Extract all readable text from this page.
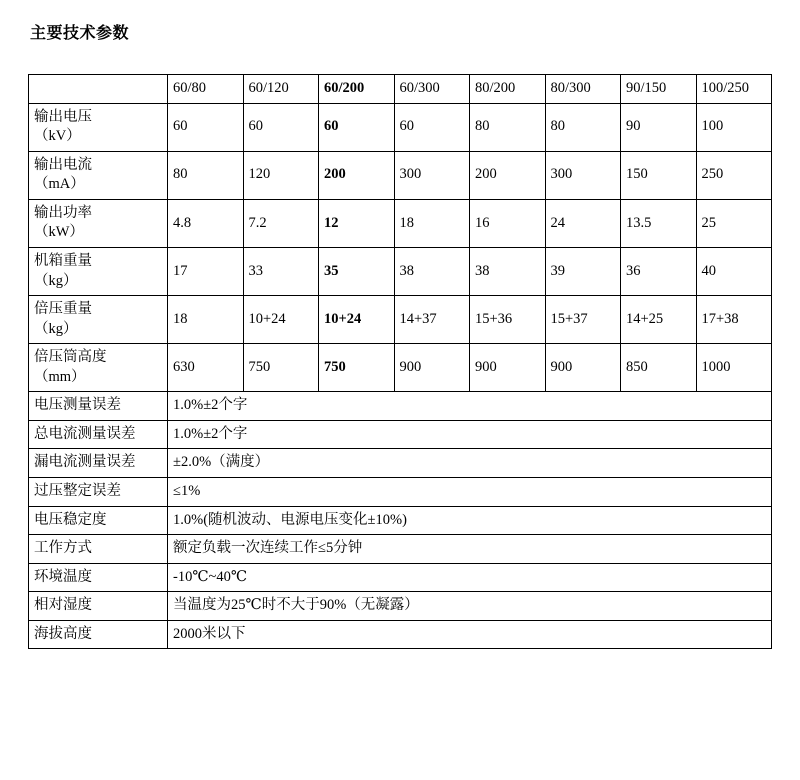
主要技术参数
	60/80	60/120	60/200	60/300	80/200	80/300	90/150	100/250

输出电压
（kV）	60	60	60	60	80	80	90	100

输出电流
（mA）	80	120	200	300	200	300	150	250

输出功率
（kW）	4.8	7.2	12	18	16	24	13.5	25

机箱重量
（kg）	17	33	35	38	38	39	36	40

倍压重量
（kg）	18	10+24	10+24	14+37	15+36	15+37	14+25	17+38

倍压筒高度
（mm）	630	750	750	900	900	900	850	1000
电压测量误差	1.0%±2个字							
总电流测量误差	1.0%±2个字							
漏电流测量误差	±2.0%（满度）							
过压整定误差	≤1%							
电压稳定度	1.0%(随机波动、电源电压变化±10%)							
工作方式	额定负载一次连续工作≤5分钟							
环境温度	-10℃~40℃							
相对湿度	当温度为25℃时不大于90%（无凝露）							
海拔高度	2000米以下							
